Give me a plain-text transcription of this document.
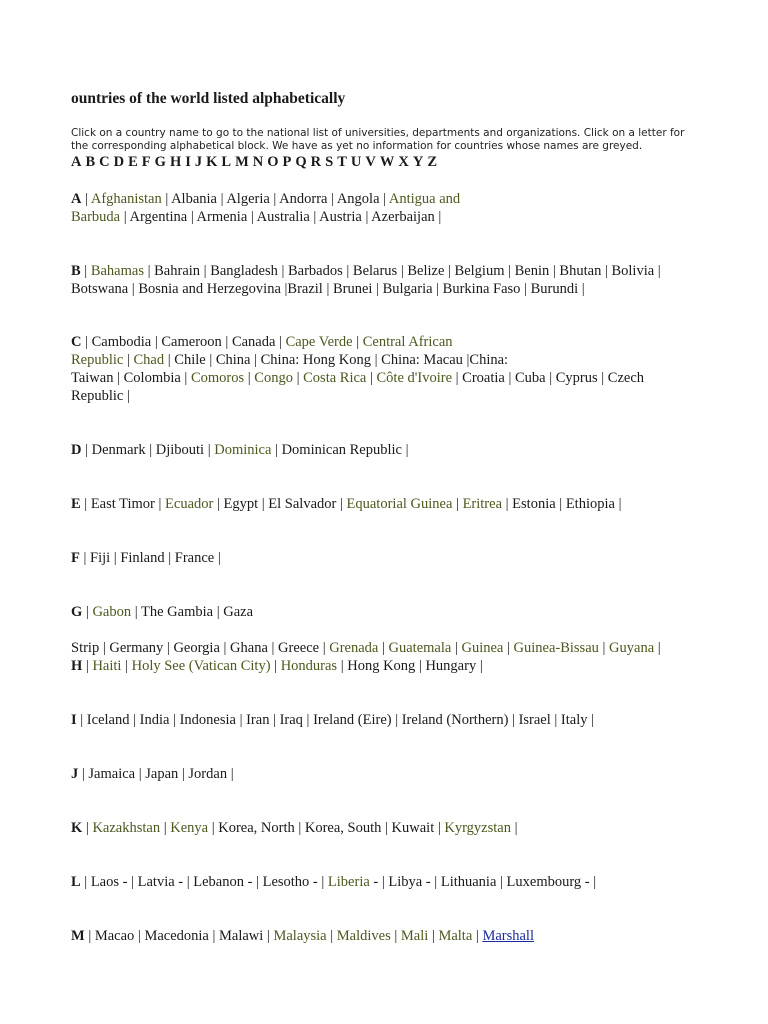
ountries of the world listed alphabetically
Click on a country name to go to the national list of universities, departments and organizations. Click on a letter for the corresponding alphabetical block. We have as yet no information for countries whose names are greyed.
A B C D E F G H I J K L M N O P Q R S T U V W X Y Z
A | Afghanistan | Albania | Algeria | Andorra | Angola | Antigua and
Barbuda | Argentina | Armenia | Australia | Austria | Azerbaijan |
B | Bahamas | Bahrain | Bangladesh | Barbados | Belarus | Belize | Belgium | Benin | Bhutan | Bolivia |
Botswana | Bosnia and Herzegovina |Brazil | Brunei | Bulgaria | Burkina Faso | Burundi |
C | Cambodia | Cameroon | Canada | Cape Verde | Central African
Republic | Chad | Chile | China | China: Hong Kong | China: Macau |China:
Taiwan | Colombia | Comoros | Congo | Costa Rica | Côte d'Ivoire | Croatia | Cuba | Cyprus | Czech
Republic |
D | Denmark | Djibouti | Dominica | Dominican Republic |
E | East Timor | Ecuador | Egypt | El Salvador | Equatorial Guinea | Eritrea | Estonia | Ethiopia |
F | Fiji | Finland | France |
G | Gabon | The Gambia | Gaza
Strip | Germany | Georgia | Ghana | Greece | Grenada | Guatemala | Guinea | Guinea-Bissau | Guyana |
H | Haiti | Holy See (Vatican City) | Honduras | Hong Kong | Hungary |
I | Iceland | India | Indonesia | Iran | Iraq | Ireland (Eire) | Ireland (Northern) | Israel | Italy |
J | Jamaica | Japan | Jordan |
K | Kazakhstan | Kenya | Korea, North | Korea, South | Kuwait | Kyrgyzstan |
L | Laos - | Latvia - | Lebanon - | Lesotho - | Liberia - | Libya - | Lithuania | Luxembourg - |
M | Macao | Macedonia | Malawi | Malaysia | Maldives | Mali | Malta | Marshall
